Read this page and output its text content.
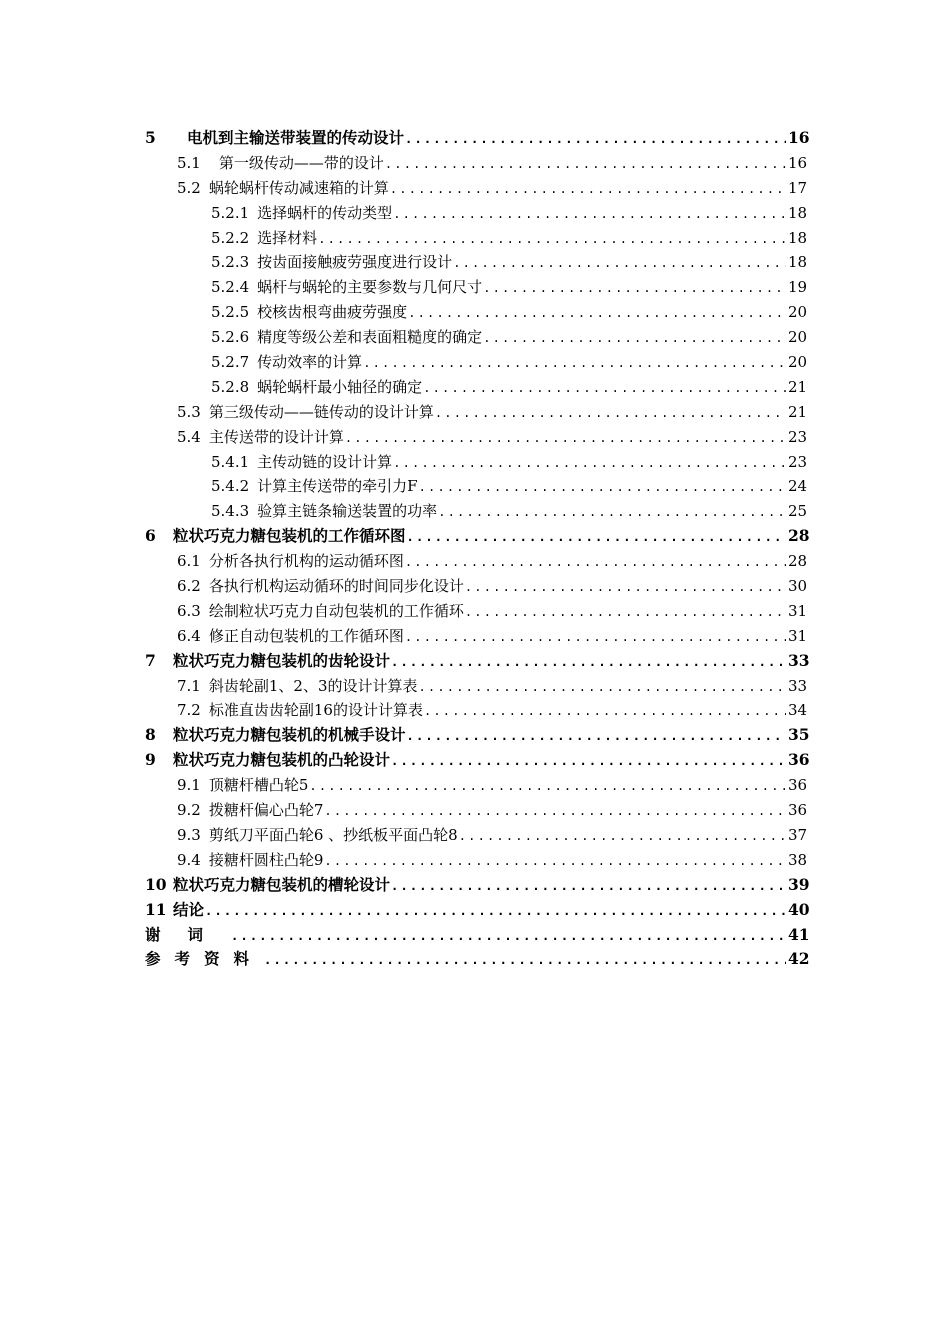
5	电机到主输送带装置的传动设计 .....	16
5.1 第一级传动——带的设计 .....	16
5.2 蜗轮蜗杆传动减速箱的计算 .....	17
5.2.1 选择蜗杆的传动类型 .....	18
5.2.2 选择材料 .....	18
5.2.3 按齿面接触疲劳强度进行设计 .....	18
5.2.4 蜗杆与蜗轮的主要参数与几何尺寸 .....	19
5.2.5 校核齿根弯曲疲劳强度 .....	20
5.2.6 精度等级公差和表面粗糙度的确定 .....	20
5.2.7 传动效率的计算 .....	20
5.2.8 蜗轮蜗杆最小轴径的确定 .....	21
5.3 第三级传动——链传动的设计计算 .....	21
5.4 主传送带的设计计算 .....	23
5.4.1 主传动链的设计计算 .....	23
5.4.2 计算主传送带的牵引力F .....	24
5.4.3 验算主链条输送装置的功率 .....	25
6	粒状巧克力糖包装机的工作循环图 .....	28
6.1 分析各执行机构的运动循环图 .....	28
6.2 各执行机构运动循环的时间同步化设计 .....	30
6.3 绘制粒状巧克力自动包装机的工作循环 .....	31
6.4 修正自动包装机的工作循环图 .....	31
7	粒状巧克力糖包装机的齿轮设计 .....	33
7.1 斜齿轮副1、2、3的设计计算表 .....	33
7.2 标准直齿齿轮副16的设计计算表 .....	34
8	粒状巧克力糖包装机的机械手设计 .....	35
9	粒状巧克力糖包装机的凸轮设计 .....	36
9.1 顶糖杆槽凸轮5 .....	36
9.2 拨糖杆偏心凸轮7 .....	36
9.3 剪纸刀平面凸轮6 、抄纸板平面凸轮8 .....	37
9.4 接糖杆圆柱凸轮9 .....	38
10 粒状巧克力糖包装机的槽轮设计 .....	39
11 结论 .....	40
谢词 .....	41
参考资料 .....	42
